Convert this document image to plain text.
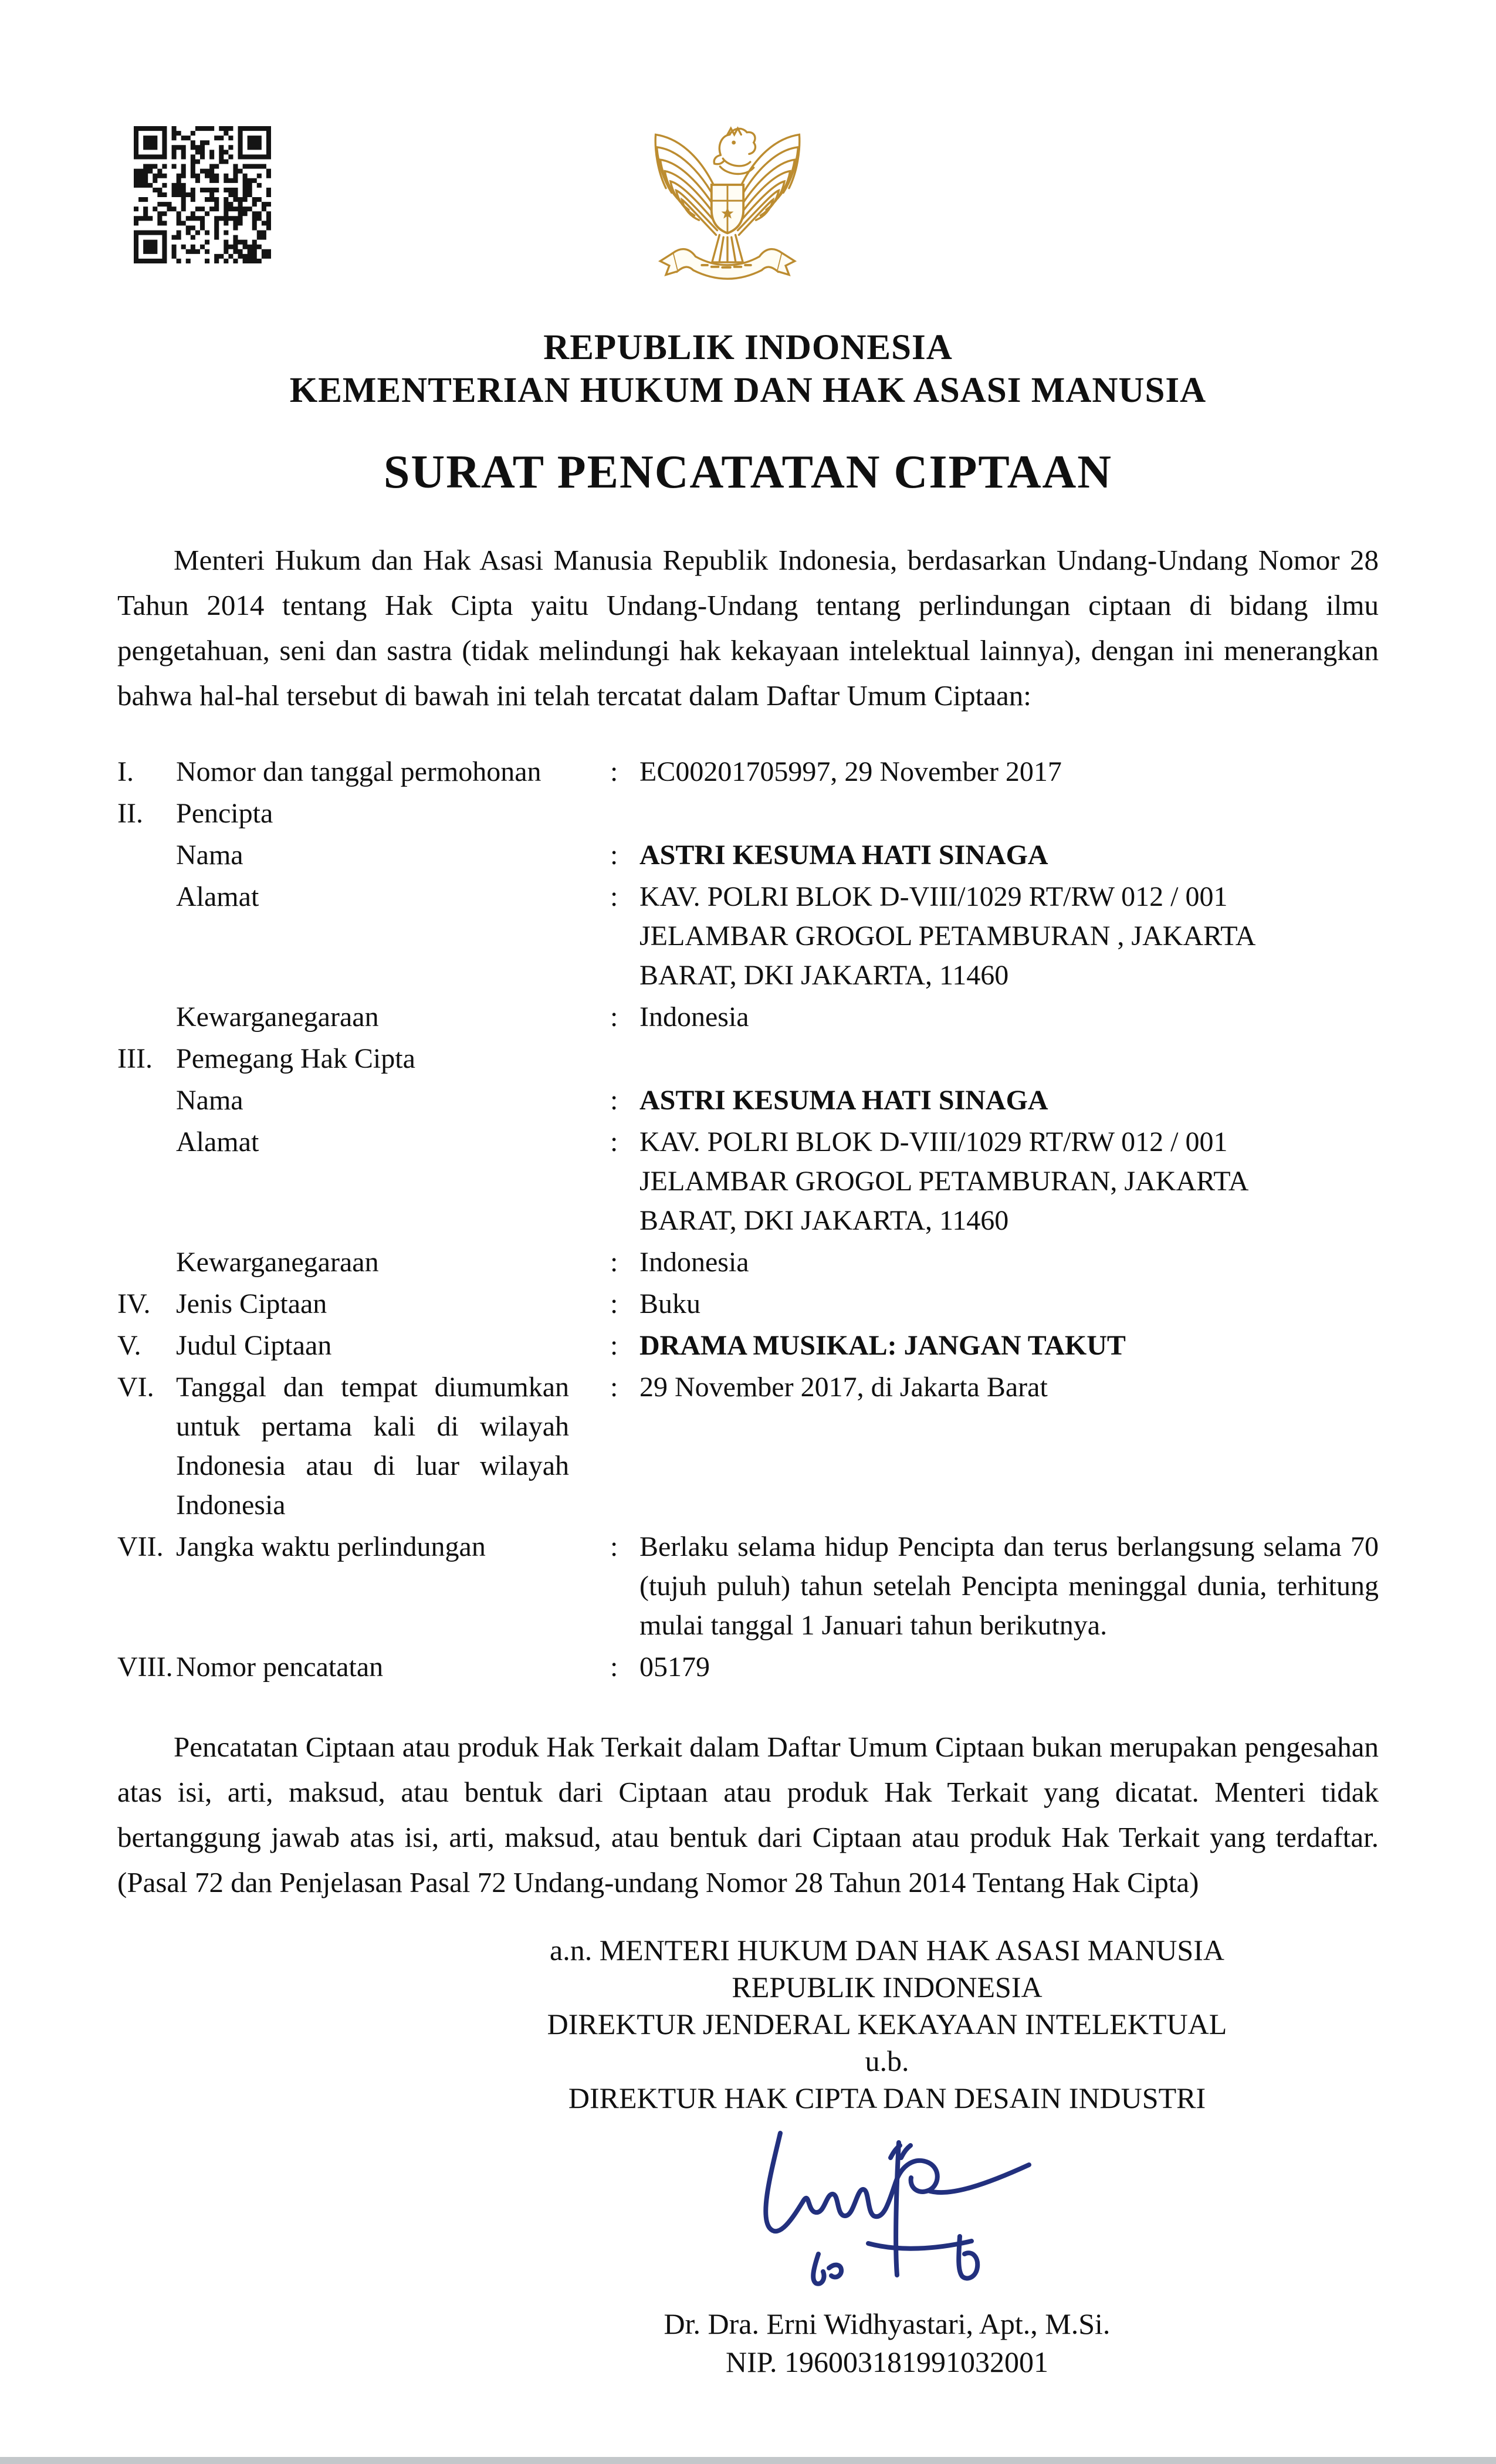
REPUBLIK INDONESIA
KEMENTERIAN HUKUM DAN HAK ASASI MANUSIA
SURAT PENCATATAN CIPTAAN

Menteri Hukum dan Hak Asasi Manusia Republik Indonesia, berdasarkan Undang-Undang Nomor 28 Tahun 2014 tentang Hak Cipta yaitu Undang-Undang tentang perlindungan ciptaan di bidang ilmu pengetahuan, seni dan sastra (tidak melindungi hak kekayaan intelektual lainnya), dengan ini menerangkan bahwa hal-hal tersebut di bawah ini telah tercatat dalam Daftar Umum Ciptaan:

I.	Nomor dan tanggal permohonan	: EC00201705997, 29 November 2017
II.	Pencipta
Nama	: ASTRI KESUMA HATI SINAGA
Alamat	: KAV. POLRI BLOK D-VIII/1029 RT/RW 012 / 001
JELAMBAR GROGOL PETAMBURAN , JAKARTA
BARAT, DKI JAKARTA, 11460
Kewarganegaraan	: Indonesia
III. Pemegang Hak Cipta
Nama	: ASTRI KESUMA HATI SINAGA
Alamat	: KAV. POLRI BLOK D-VIII/1029 RT/RW 012 / 001
JELAMBAR GROGOL PETAMBURAN, JAKARTA
BARAT, DKI JAKARTA, 11460
Kewarganegaraan	: Indonesia
IV. Jenis Ciptaan	: Buku
V.	Judul Ciptaan	: DRAMA MUSIKAL: JANGAN TAKUT
VI. Tanggal dan tempat diumumkan untuk pertama kali di wilayah Indonesia atau di luar wilayah Indonesia
: 29 November 2017, di Jakarta Barat
VII. Jangka waktu perlindungan	: Berlaku selama hidup Pencipta dan terus berlangsung selama 70 (tujuh puluh) tahun setelah Pencipta meninggal dunia, terhitung mulai tanggal 1 Januari tahun berikutnya.
VIII. Nomor pencatatan	: 05179

Pencatatan Ciptaan atau produk Hak Terkait dalam Daftar Umum Ciptaan bukan merupakan pengesahan atas isi, arti, maksud, atau bentuk dari Ciptaan atau produk Hak Terkait yang dicatat. Menteri tidak bertanggung jawab atas isi, arti, maksud, atau bentuk dari Ciptaan atau produk Hak Terkait yang terdaftar. (Pasal 72 dan Penjelasan Pasal 72 Undang-undang Nomor 28 Tahun 2014 Tentang Hak Cipta)

a.n. MENTERI HUKUM DAN HAK ASASI MANUSIA
REPUBLIK INDONESIA
DIREKTUR JENDERAL KEKAYAAN INTELEKTUAL
u.b.
DIREKTUR HAK CIPTA DAN DESAIN INDUSTRI
Dr. Dra. Erni Widhyastari, Apt., M.Si.
NIP. 196003181991032001
